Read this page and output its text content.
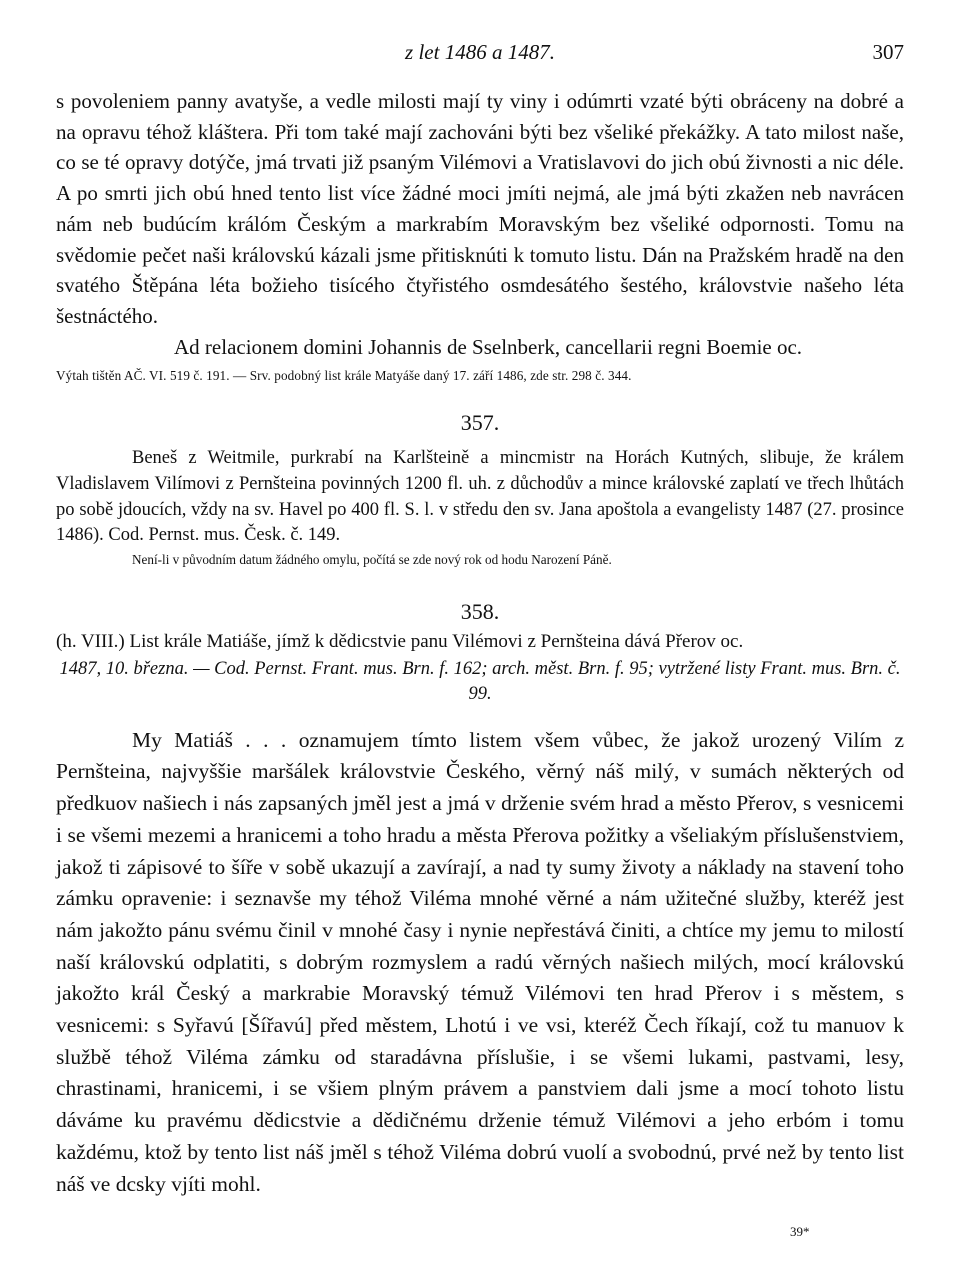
z let 1486 a 1487.	307

s povoleniem panny avatyše, a vedle milosti mají ty viny i odúmrti vzaté býti obráceny na dobré a na opravu téhož kláštera. Při tom také mají zachováni býti bez všeliké překážky. A tato milost naše, co se té opravy dotýče, jmá trvati již psaným Vilémovi a Vratislavovi do jich obú živnosti a nic déle. A po smrti jich obú hned tento list více žádné moci jmíti nejmá, ale jmá býti zkažen neb navrácen nám neb budúcím králóm Českým a markrabím Moravským bez všeliké odpornosti. Tomu na svědomie pečet naši královskú kázali jsme přitisknúti k tomuto listu. Dán na Pražském hradě na den svatého Štěpána léta božieho tisícého čtyřistého osmdesátého šestého, královstvie našeho léta šestnáctého.

Ad relacionem domini Johannis de Sselnberk, cancellarii regni Boemie oc.

Výtah tištěn AČ. VI. 519 č. 191. — Srv. podobný list krále Matyáše daný 17. září 1486, zde str. 298 č. 344.

357.

Beneš z Weitmile, purkrabí na Karlšteině a mincmistr na Horách Kutných, slibuje, že králem Vladislavem Vilímovi z Pernšteina povinných 1200 fl. uh. z důchodův a mince královské zaplatí ve třech lhůtách po sobě jdoucích, vždy na sv. Havel po 400 fl. S. l. v středu den sv. Jana apoštola a evangelisty 1487 (27. prosince 1486). Cod. Pernst. mus. Česk. č. 149.

Není-li v původním datum žádného omylu, počítá se zde nový rok od hodu Narození Páně.

358.

(h. VIII.) List krále Matiáše, jímž k dědicstvie panu Vilémovi z Pernšteina dává Přerov oc.

1487, 10. března. — Cod. Pernst. Frant. mus. Brn. f. 162; arch. měst. Brn. f. 95; vytržené listy Frant. mus. Brn. č. 99.

My Matiáš . . . oznamujem tímto listem všem vůbec, že jakož urozený Vilím z Pernšteina, najvyššie maršálek královstvie Českého, věrný náš milý, v sumách některých od předkuov našiech i nás zapsaných jměl jest a jmá v drženie svém hrad a město Přerov, s vesnicemi i se všemi mezemi a hranicemi a toho hradu a města Přerova požitky a všeliakým příslušenstviem, jakož ti zápisové to šíře v sobě ukazují a zavírají, a nad ty sumy životy a náklady na stavení toho zámku opravenie: i seznavše my téhož Viléma mnohé věrné a nám užitečné služby, kteréž jest nám jakožto pánu svému činil v mnohé časy i nynie nepřestává činiti, a chtíce my jemu to milostí naší královskú odplatiti, s dobrým rozmyslem a radú věrných našiech milých, mocí královskú jakožto král Český a markrabie Moravský témuž Vilémovi ten hrad Přerov i s městem, s vesnicemi: s Syřavú [Šířavú] před městem, Lhotú i ve vsi, kteréž Čech říkají, což tu manuov k službě téhož Viléma zámku od staradávna příslušie, i se všemi lukami, pastvami, lesy, chrastinami, hranicemi, i se všiem plným právem a panstviem dali jsme a mocí tohoto listu dáváme ku pravému dědicstvie a dědičnému drženie témuž Vilémovi a jeho erbóm i tomu každému, ktož by tento list náš jměl s téhož Viléma dobrú vuolí a svobodnú, prvé než by tento list náš ve dcsky vjíti mohl.

39*
